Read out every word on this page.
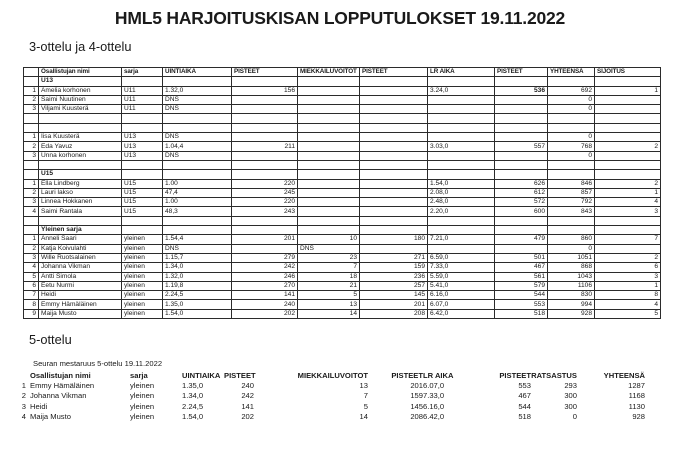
HML5 HARJOITUSKISAN LOPPUTULOKSET 19.11.2022
3-ottelu ja 4-ottelu
	Osallistujan nimi	sarja	UINTIAIKA	PISTEET	MIEKKAILUVOITOT	PISTEET	LR AIKA	PISTEET	YHTEENSÄ	SIJOITUS
	U13									
1	Amelia korhonen	U11	1.32,0	156			3.24,0	536	692	1
2	Saimi Nuutinen	U11	DNS						0	
3	Viljami Kuusterä	U11	DNS						0	

1	Iisa Kuusterä	U13	DNS						0	
2	Eda Yavuz	U13	1.04,4	211			3.03,0	557	768	2
3	Unna korhonen	U13	DNS						0	

	U15									
1	Ella Lindberg	U15	1.00	220			1.54,0	626	846	2
2	Lauri lakso	U15	47,4	245			2.08,0	612	857	1
3	Linnea Hokkanen	U15	1.00	220			2.48,0	572	792	4
4	Saimi Rantala	U15	48,3	243			2.20,0	600	843	3

	Yleinen sarja									
1	Anneli Saari	yleinen	1.54,4	201	10	180	7.21,0	479	860	7
2	Katja Koivulahti	yleinen	DNS		DNS				0	
3	Wille Ruotsalainen	yleinen	1.15,7	279	23	271	6.59,0	501	1051	2
4	Johanna Vikman	yleinen	1.34,0	242	7	159	7.33,0	467	868	6
5	Antti Simola	yleinen	1.32,0	246	18	236	5.59,0	561	1043	3
6	Eetu Nurmi	yleinen	1.19,8	270	21	257	5.41,0	579	1106	1
7	Heidi	yleinen	2.24,5	141	5	145	6.16,0	544	830	8
8	Emmy Hämäläinen	yleinen	1.35,0	240	13	201	6.07,0	553	994	4
9	Maija Musto	yleinen	1.54,0	202	14	208	6.42,0	518	928	5
5-ottelu
Seuran mestaruus 5-ottelu 19.11.2022
	Osallistujan nimi	sarja	UINTIAIKA	PISTEET	MIEKKAILUVOITOT	PISTEET	LR AIKA	PISTEET	RATSASTUS	YHTEENSÄ
1	Emmy Hämäläinen	yleinen	1.35,0	240	13	201	6.07,0	553	293	1287
2	Johanna Vikman	yleinen	1.34,0	242	7	159	7.33,0	467	300	1168
3	Heidi	yleinen	2.24,5	141	5	145	6.16,0	544	300	1130
4	Maija Musto	yleinen	1.54,0	202	14	208	6.42,0	518	0	928
